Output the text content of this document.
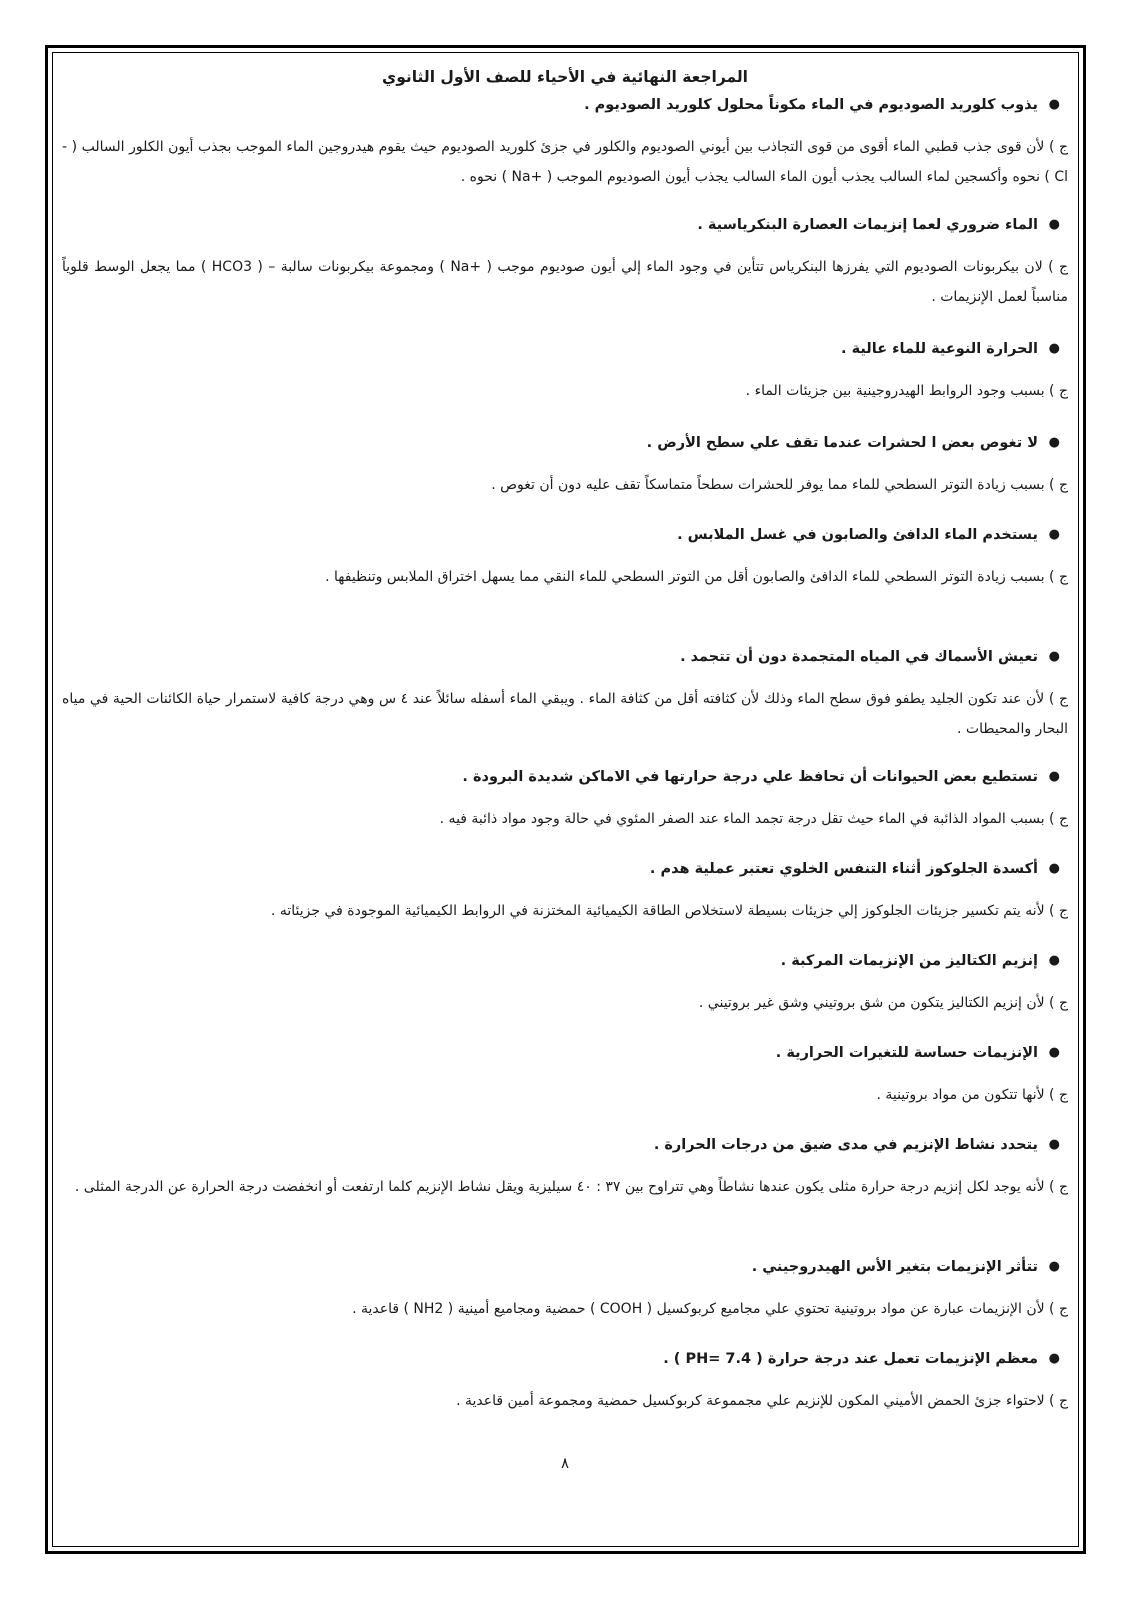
المراجعة النهائية في الأحياء للصف الأول الثانوي
●
يذوب كلوريد الصوديوم في الماء مكوناً محلول كلوريد الصوديوم .
ج ) لأن قوى جذب قطبي الماء أقوى من قوى التجاذب بين أيوني الصوديوم والكلور في جزئ كلوريد الصوديوم حيث يقوم هيدروجين الماء الموجب بجذب أيون الكلور السالب ( -Cl ) نحوه وأكسجين لماء السالب يجذب أيون الماء السالب يجذب أيون الصوديوم الموجب ( +Na ) نحوه .
●
الماء ضروري لعما إنزيمات العصارة البنكرياسية .
ج ) لان بيكربونات الصوديوم التي يفرزها البنكرياس تتأين في وجود الماء إلي أيون صوديوم موجب ( +Na ) ومجموعة بيكربونات سالبة – ( HCO3 ) مما يجعل الوسط قلوياً مناسباً لعمل الإنزيمات .
●
الحرارة النوعية للماء عالية .
ج ) بسبب وجود الروابط الهيدروجينية بين جزيئات الماء .
●
لا تغوص بعض ا لحشرات عندما تقف علي سطح الأرض .
ج ) بسبب زيادة التوتر السطحي للماء مما يوفر للحشرات سطحاً متماسكاً تقف عليه دون أن تغوص .
●
يستخدم الماء الدافئ والصابون في غسل الملابس .
ج ) بسبب زيادة التوتر السطحي للماء الدافئ والصابون أقل من التوتر السطحي للماء النقي مما يسهل اختراق الملابس وتنظيفها .
●
تعيش الأسماك في المياه المتجمدة دون أن تتجمد .
ج ) لأن عند تكون الجليد يطفو فوق سطح الماء وذلك لأن كثافته أقل من كثافة الماء . ويبقي الماء أسفله سائلاً عند ٤ س وهي درجة كافية لاستمرار حياة الكائنات الحية في مياه البحار والمحيطات .
●
تستطيع بعض الحيوانات أن تحافظ علي درجة حرارتها في الاماكن شديدة البرودة .
ج ) بسبب المواد الذائبة في الماء حيث تقل درجة تجمد الماء عند الصفر المئوي في حالة وجود مواد ذائبة فيه .
●
أكسدة الجلوكوز أثناء التنفس الخلوي تعتبر عملية هدم .
ج ) لأنه يتم تكسير جزيئات الجلوكوز إلي جزيئات بسيطة لاستخلاص الطاقة الكيميائية المختزنة في الروابط الكيميائية الموجودة في جزيئاته .
●
إنزيم الكتاليز من الإنزيمات المركبة .
ج ) لأن إنزيم الكتاليز يتكون من شق بروتيني وشق غير بروتيني .
●
الإنزيمات حساسة للتغيرات الحرارية .
ج ) لأنها تتكون من مواد بروتينية .
●
يتحدد نشاط الإنزيم في مدى ضيق من درجات الحرارة .
ج ) لأنه يوجد لكل إنزيم درجة حرارة مثلى يكون عندها نشاطاً وهي تتراوح بين ٣٧ : ٤٠ سيليزية ويقل نشاط الإنزيم كلما ارتفعت أو انخفضت درجة الحرارة عن الدرجة المثلى .
●
تتأثر الإنزيمات بتغير الأس الهيدروجيني .
ج ) لأن الإنزيمات عبارة عن مواد بروتينية تحتوي علي مجاميع كربوكسيل ( COOH ) حمضية ومجاميع أمينية ( NH2 ) قاعدية .
●
معظم الإنزيمات تعمل عند درجة حرارة ( PH= 7.4 ) .
ج ) لاحتواء جزئ الحمض الأميني المكون للإنزيم علي مجمموعة كربوكسيل حمضية ومجموعة أمين قاعدية .
٨
